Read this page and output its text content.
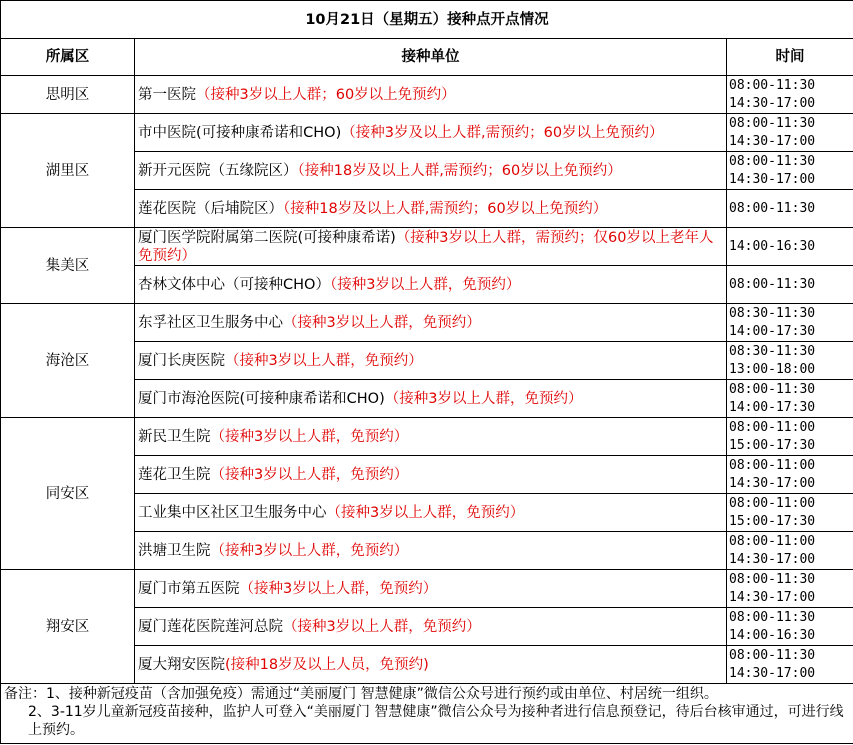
10月21日（星期五）接种点开点情况		
所属区	接种单位	时间
思明区	第一医院（接种3岁以上人群；60岁以上免预约）	08:00-11:30
14:30-17:00

湖里区	市中医院(可接种康希诺和CHO)（接种3岁及以上人群,需预约；60岁以上免预约）	08:00-11:30
14:30-17:00

	新开元医院（五缘院区）（接种18岁及以上人群,需预约；60岁以上免预约）	08:00-11:30
14:30-17:00

	莲花医院（后埔院区）（接种18岁及以上人群,需预约；60岁以上免预约）	08:00-11:30

集美区	厦门医学院附属第二医院(可接种康希诺)（接种3岁以上人群，需预约；仅60岁以上老年人免预约）	14:00-16:30

	杏林文体中心（可接种CHO）（接种3岁以上人群，免预约）	08:00-11:30

海沧区	东孚社区卫生服务中心（接种3岁以上人群，免预约）	08:30-11:30
14:00-17:30

	厦门长庚医院（接种3岁以上人群，免预约）	08:30-11:30
13:00-18:00

	厦门市海沧医院(可接种康希诺和CHO)（接种3岁以上人群，免预约）	08:00-11:30
14:00-17:30

同安区	新民卫生院（接种3岁以上人群，免预约）	08:00-11:00
15:00-17:30

	莲花卫生院（接种3岁以上人群，免预约）	08:00-11:00
14:30-17:00

	工业集中区社区卫生服务中心（接种3岁以上人群，免预约）	08:00-11:00
15:00-17:30

	洪塘卫生院（接种3岁以上人群，免预约）	08:00-11:00
14:30-17:00

翔安区	厦门市第五医院（接种3岁以上人群，免预约）	08:00-11:30
14:30-17:00

	厦门莲花医院莲河总院（接种3岁以上人群，免预约）	08:00-11:30
14:00-16:30

	厦大翔安医院(接种18岁及以上人员，免预约)	08:00-11:30
14:30-17:00

备注：1、接种新冠疫苗（含加强免疫）需通过“美丽厦门 智慧健康”微信公众号进行预约或由单位、村居统一组织。

2、3-11岁儿童新冠疫苗接种，监护人可登入“美丽厦门 智慧健康”微信公众号为接种者进行信息预登记，待后台核审通过，可进行线上预约。		
